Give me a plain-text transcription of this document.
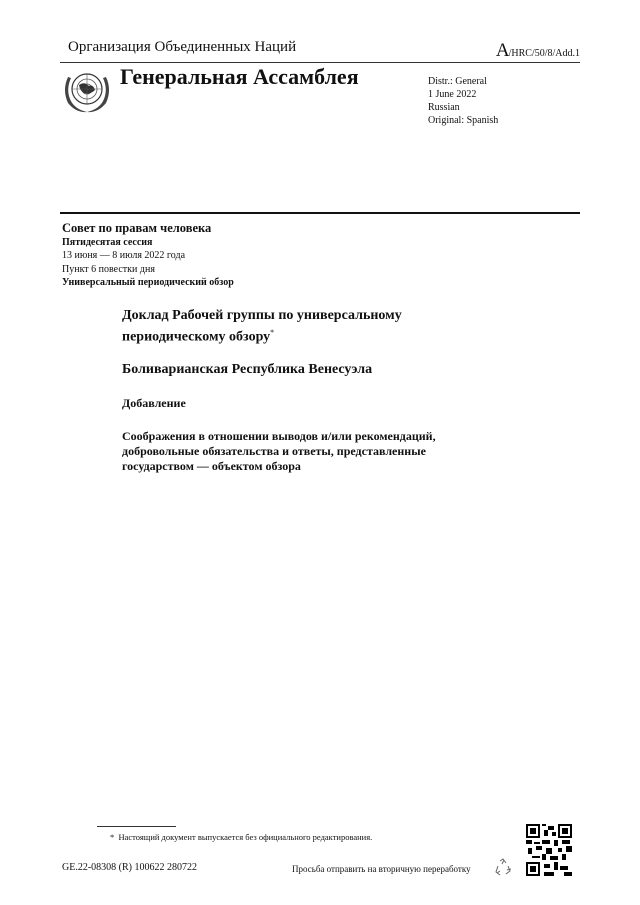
Организация Объединенных Наций	A/HRC/50/8/Add.1
Генеральная Ассамблея	Distr.: General
1 June 2022
Russian
Original: Spanish
Совет по правам человека
Пятидесятая сессия
13 июня — 8 июля 2022 года
Пункт 6 повестки дня
Универсальный периодический обзор
Доклад Рабочей группы по универсальному периодическому обзору*
Боливарианская Республика Венесуэла
Добавление
Соображения в отношении выводов и/или рекомендаций, добровольные обязательства и ответы, представленные государством — объектом обзора
* Настоящий документ выпускается без официального редактирования.
GE.22-08308 (R) 100622 280722	Просьба отправить на вторичную переработку
